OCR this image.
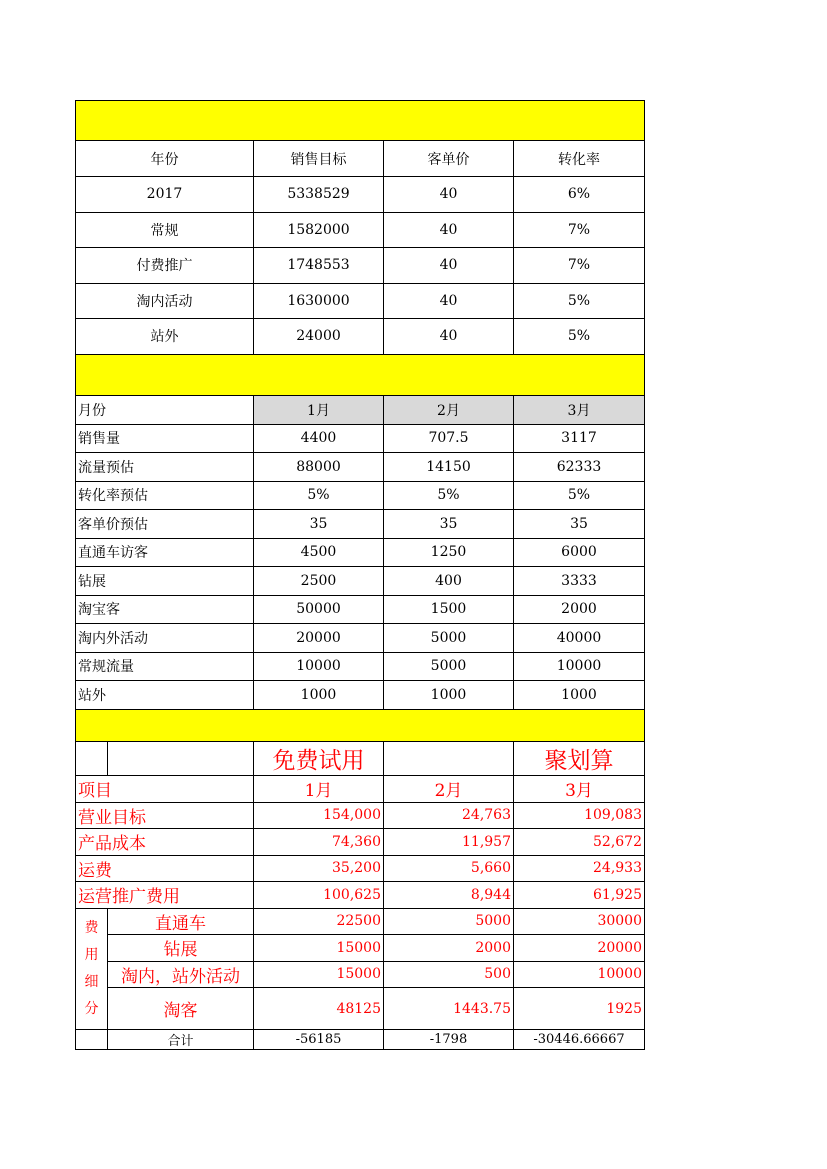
年份	销售目标	客单价	转化率
2017	5338529	40	6%
常规	1582000	40	7%
付费推广	1748553	40	7%
淘内活动	1630000	40	5%
站外	24000	40	5%

月份	1月	2月	3月
销售量	4400	707.5	3117
流量预估	88000	14150	62333
转化率预估	5%	5%	5%
客单价预估	35	35	35
直通车访客	4500	1250	6000
钻展	2500	400	3333
淘宝客	50000	1500	2000
淘内外活动	20000	5000	40000
常规流量	10000	5000	10000
站外	1000	1000	1000

		免费试用		聚划算
项目		1月	2月	3月
营业目标		154,000	24,763	109,083
产品成本		74,360	11,957	52,672
运费		35,200	5,660	24,933
运营推广费用		100,625	8,944	61,925
费
用
细
分	直通车	22500	5000	30000
	钻展	15000	2000	20000
	淘内，站外活动	15000	500	10000
	淘客	48125	1443.75	1925
	合计	-56185	-1798	-30446.66667
